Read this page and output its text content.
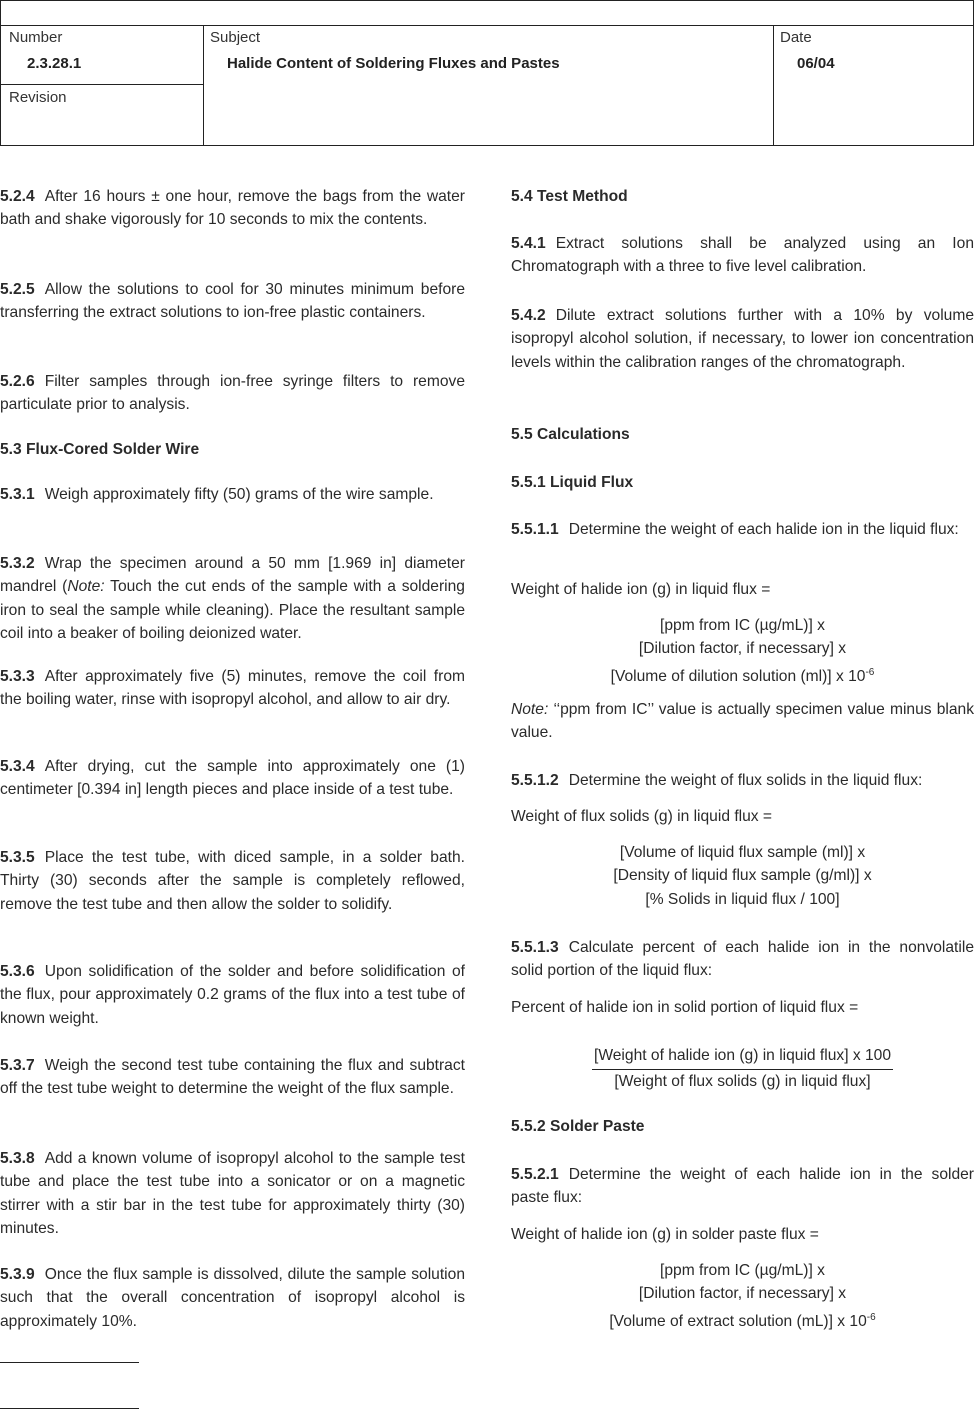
Number
2.3.28.1
Revision
Subject
Halide Content of Soldering Fluxes and Pastes
Date
06/04
5.2.4 After 16 hours ± one hour, remove the bags from the water bath and shake vigorously for 10 seconds to mix the contents.
5.2.5 Allow the solutions to cool for 30 minutes minimum before transferring the extract solutions to ion-free plastic containers.
5.2.6 Filter samples through ion-free syringe filters to remove particulate prior to analysis.
5.3 Flux-Cored Solder Wire
5.3.1 Weigh approximately fifty (50) grams of the wire sample.
5.3.2 Wrap the specimen around a 50 mm [1.969 in] diameter mandrel (Note: Touch the cut ends of the sample with a soldering iron to seal the sample while cleaning). Place the resultant sample coil into a beaker of boiling deionized water.
5.3.3 After approximately five (5) minutes, remove the coil from the boiling water, rinse with isopropyl alcohol, and allow to air dry.
5.3.4 After drying, cut the sample into approximately one (1) centimeter [0.394 in] length pieces and place inside of a test tube.
5.3.5 Place the test tube, with diced sample, in a solder bath. Thirty (30) seconds after the sample is completely reflowed, remove the test tube and then allow the solder to solidify.
5.3.6 Upon solidification of the solder and before solidification of the flux, pour approximately 0.2 grams of the flux into a test tube of known weight.
5.3.7 Weigh the second test tube containing the flux and subtract off the test tube weight to determine the weight of the flux sample.
5.3.8 Add a known volume of isopropyl alcohol to the sample test tube and place the test tube into a sonicator or on a magnetic stirrer with a stir bar in the test tube for approximately thirty (30) minutes.
5.3.9 Once the flux sample is dissolved, dilute the sample solution such that the overall concentration of isopropyl alcohol is approximately 10%.
5.4 Test Method
5.4.1 Extract solutions shall be analyzed using an Ion Chromatograph with a three to five level calibration.
5.4.2 Dilute extract solutions further with a 10% by volume isopropyl alcohol solution, if necessary, to lower ion concentration levels within the calibration ranges of the chromatograph.
5.5 Calculations
5.5.1 Liquid Flux
5.5.1.1 Determine the weight of each halide ion in the liquid flux:
Weight of halide ion (g) in liquid flux =
[ppm from IC (µg/mL)] x
[Dilution factor, if necessary] x
[Volume of dilution solution (ml)] x $10^{-6}$
Note: ‘‘ppm from IC’’ value is actually specimen value minus blank value.
5.5.1.2 Determine the weight of flux solids in the liquid flux:
Weight of flux solids (g) in liquid flux =
[Volume of liquid flux sample (ml)] x
[Density of liquid flux sample (g/ml)] x
[% Solids in liquid flux / 100]
5.5.1.3 Calculate percent of each halide ion in the nonvolatile solid portion of the liquid flux:
Percent of halide ion in solid portion of liquid flux =
$\frac{\text{[Weight of halide ion (g) in liquid flux] x 100}}{\text{[Weight of flux solids (g) in liquid flux]}}$
5.5.2 Solder Paste
5.5.2.1 Determine the weight of each halide ion in the solder paste flux:
Weight of halide ion (g) in solder paste flux =
[ppm from IC (µg/mL)] x
[Dilution factor, if necessary] x
[Volume of extract solution (mL)] x $10^{-6}$
